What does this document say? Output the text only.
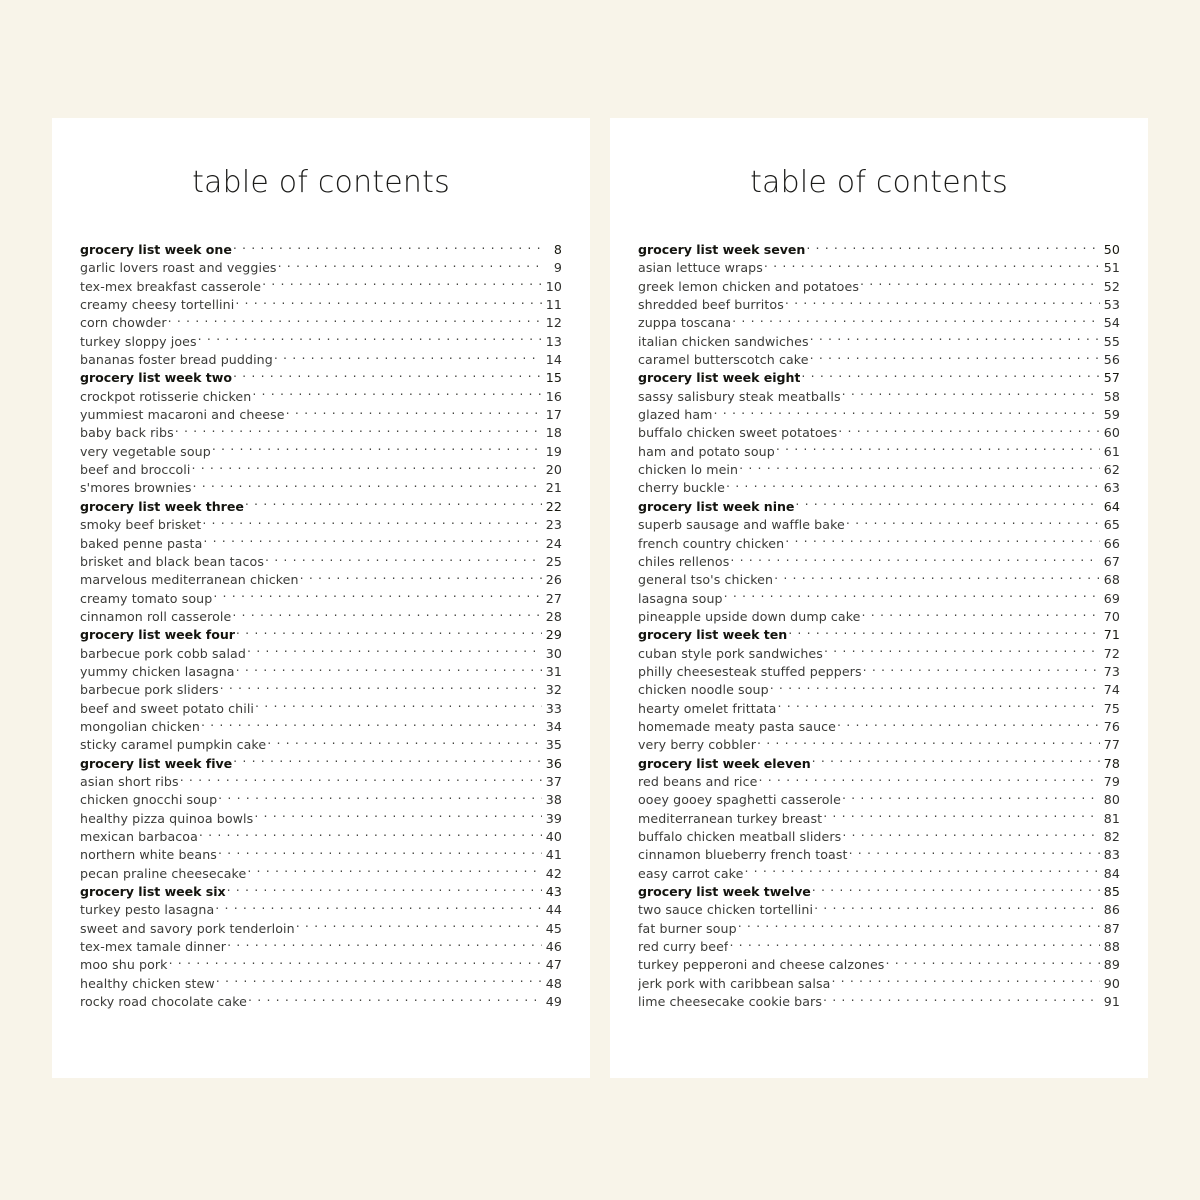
table of contents
grocery list week one . . .	8
garlic lovers roast and veggies . . .	9
tex-mex breakfast casserole . . .	10
creamy cheesy tortellini . . .	11
corn chowder . . .	12
turkey sloppy joes . . .	13
bananas foster bread pudding . . .	14
grocery list week two . . .	15
crockpot rotisserie chicken . . .	16
yummiest macaroni and cheese . . .	17
baby back ribs . . .	18
very vegetable soup . . .	19
beef and broccoli . . .	20
s'mores brownies . . .	21
grocery list week three . . .	22
smoky beef brisket . . .	23
baked penne pasta . . .	24
brisket and black bean tacos . . .	25
marvelous mediterranean chicken . . .	26
creamy tomato soup . . .	27
cinnamon roll casserole . . .	28
grocery list week four . . .	29
barbecue pork cobb salad . . .	30
yummy chicken lasagna . . .	31
barbecue pork sliders . . .	32
beef and sweet potato chili . . .	33
mongolian chicken . . .	34
sticky caramel pumpkin cake . . .	35
grocery list week five . . .	36
asian short ribs . . .	37
chicken gnocchi soup . . .	38
healthy pizza quinoa bowls . . .	39
mexican barbacoa . . .	40
northern white beans . . .	41
pecan praline cheesecake . . .	42
grocery list week six . . .	43
turkey pesto lasagna . . .	44
sweet and savory pork tenderloin . . .	45
tex-mex tamale dinner . . .	46
moo shu pork . . .	47
healthy chicken stew . . .	48
rocky road chocolate cake . . .	49
table of contents
grocery list week seven . . .	50
asian lettuce wraps . . .	51
greek lemon chicken and potatoes . . .	52
shredded beef burritos . . .	53
zuppa toscana . . .	54
italian chicken sandwiches . . .	55
caramel butterscotch cake . . .	56
grocery list week eight . . .	57
sassy salisbury steak meatballs . . .	58
glazed ham . . .	59
buffalo chicken sweet potatoes . . .	60
ham and potato soup . . .	61
chicken lo mein . . .	62
cherry buckle . . .	63
grocery list week nine . . .	64
superb sausage and waffle bake . . .	65
french country chicken . . .	66
chiles rellenos . . .	67
general tso's chicken . . .	68
lasagna soup . . .	69
pineapple upside down dump cake . . .	70
grocery list week ten . . .	71
cuban style pork sandwiches . . .	72
philly cheesesteak stuffed peppers . . .	73
chicken noodle soup . . .	74
hearty omelet frittata . . .	75
homemade meaty pasta sauce . . .	76
very berry cobbler . . .	77
grocery list week eleven . . .	78
red beans and rice . . .	79
ooey gooey spaghetti casserole . . .	80
mediterranean turkey breast . . .	81
buffalo chicken meatball sliders . . .	82
cinnamon blueberry french toast . . .	83
easy carrot cake . . .	84
grocery list week twelve . . .	85
two sauce chicken tortellini . . .	86
fat burner soup . . .	87
red curry beef . . .	88
turkey pepperoni and cheese calzones . . .	89
jerk pork with caribbean salsa . . .	90
lime cheesecake cookie bars . . .	91
